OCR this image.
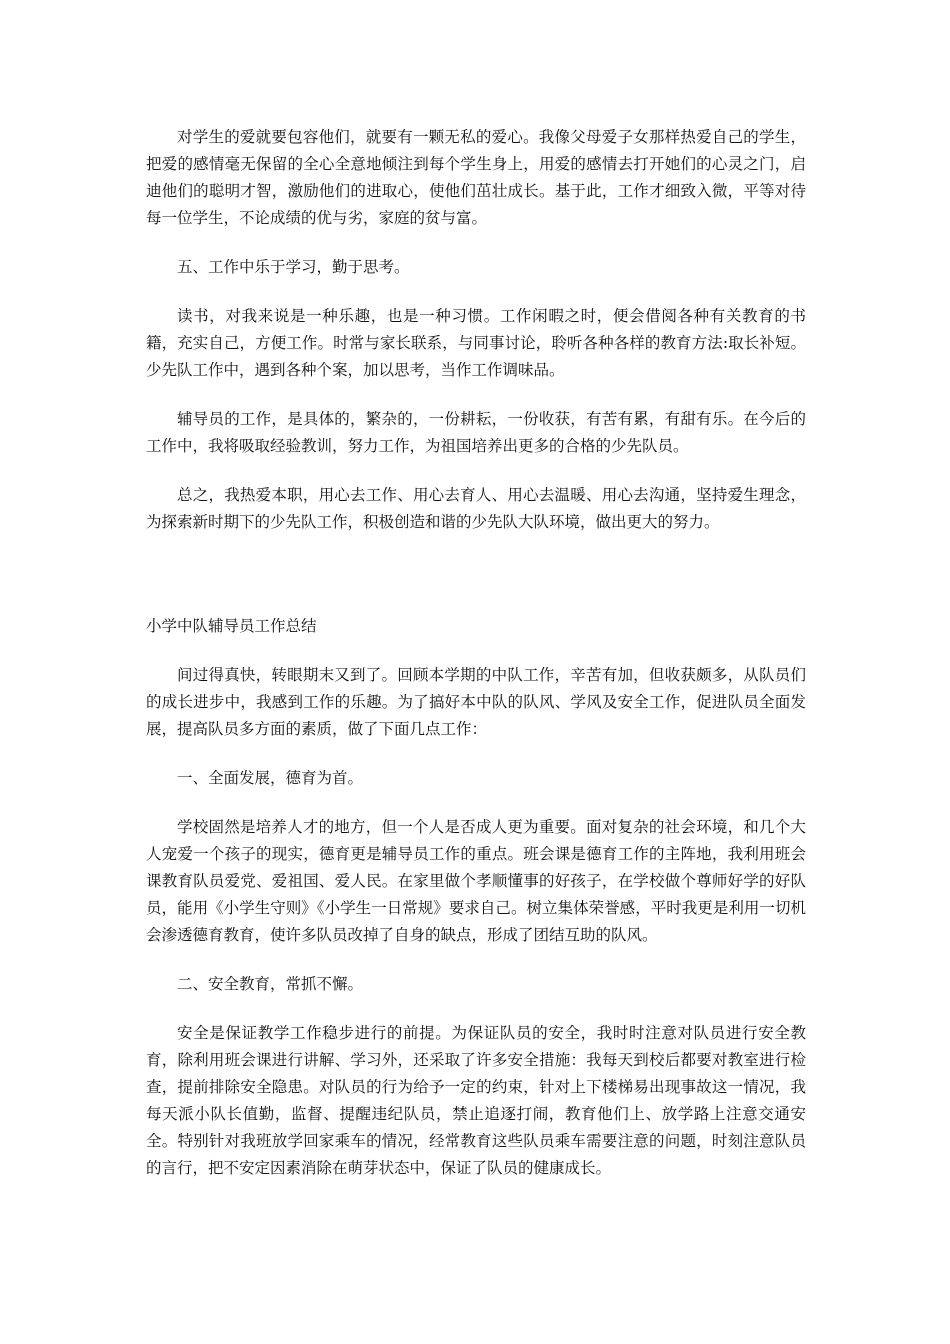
对学生的爱就要包容他们，就要有一颗无私的爱心。我像父母爱子女那样热爱自己的学生，把爱的感情毫无保留的全心全意地倾注到每个学生身上，用爱的感情去打开她们的心灵之门，启迪他们的聪明才智，激励他们的进取心，使他们茁壮成长。基于此，工作才细致入微，平等对待每一位学生，不论成绩的优与劣，家庭的贫与富。

五、工作中乐于学习，勤于思考。

读书，对我来说是一种乐趣，也是一种习惯。工作闲暇之时，便会借阅各种有关教育的书籍，充实自己，方便工作。时常与家长联系，与同事讨论，聆听各种各样的教育方法:取长补短。少先队工作中，遇到各种个案，加以思考，当作工作调味品。

辅导员的工作，是具体的，繁杂的，一份耕耘，一份收获，有苦有累，有甜有乐。在今后的工作中，我将吸取经验教训，努力工作，为祖国培养出更多的合格的少先队员。

总之，我热爱本职，用心去工作、用心去育人、用心去温暖、用心去沟通，坚持爱生理念，为探索新时期下的少先队工作，积极创造和谐的少先队大队环境，做出更大的努力。

小学中队辅导员工作总结

间过得真快，转眼期末又到了。回顾本学期的中队工作，辛苦有加，但收获颇多，从队员们的成长进步中，我感到工作的乐趣。为了搞好本中队的队风、学风及安全工作，促进队员全面发展，提高队员多方面的素质，做了下面几点工作：

一、全面发展，德育为首。

学校固然是培养人才的地方，但一个人是否成人更为重要。面对复杂的社会环境，和几个大人宠爱一个孩子的现实，德育更是辅导员工作的重点。班会课是德育工作的主阵地，我利用班会课教育队员爱党、爱祖国、爱人民。在家里做个孝顺懂事的好孩子，在学校做个尊师好学的好队员，能用《小学生守则》《小学生一日常规》要求自己。树立集体荣誉感，平时我更是利用一切机会渗透德育教育，使许多队员改掉了自身的缺点，形成了团结互助的队风。

二、安全教育，常抓不懈。

安全是保证教学工作稳步进行的前提。为保证队员的安全，我时时注意对队员进行安全教育，除利用班会课进行讲解、学习外，还采取了许多安全措施：我每天到校后都要对教室进行检查，提前排除安全隐患。对队员的行为给予一定的约束，针对上下楼梯易出现事故这一情况，我每天派小队长值勤，监督、提醒违纪队员，禁止追逐打闹，教育他们上、放学路上注意交通安全。特别针对我班放学回家乘车的情况，经常教育这些队员乘车需要注意的问题，时刻注意队员的言行，把不安定因素消除在萌芽状态中，保证了队员的健康成长。
